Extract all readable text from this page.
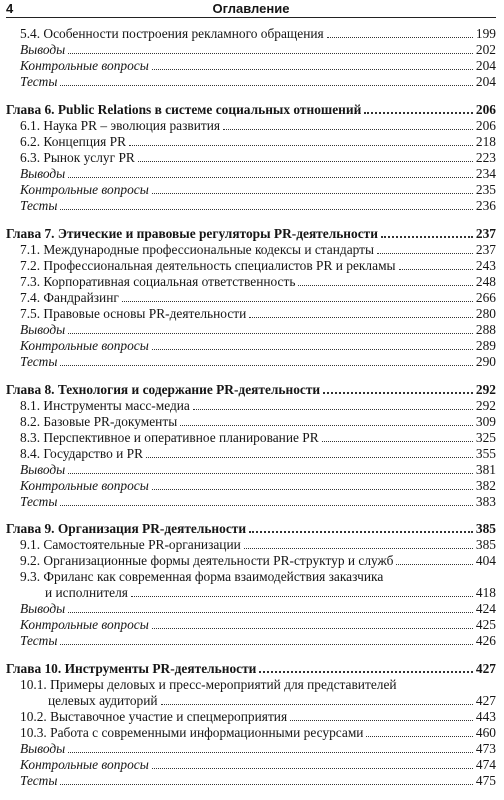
4	Оглавление
5.4. Особенности построения рекламного обращения	199
Выводы	202
Контрольные вопросы	204
Тесты	204
Глава 6. Public Relations в системе социальных отношений	206
6.1. Наука PR – эволюция развития	206
6.2. Концепция PR	218
6.3. Рынок услуг PR	223
Выводы	234
Контрольные вопросы	235
Тесты	236
Глава 7. Этические и правовые регуляторы PR-деятельности	237
7.1. Международные профессиональные кодексы и стандарты	237
7.2. Профессиональная деятельность специалистов PR и рекламы	243
7.3. Корпоративная социальная ответственность	248
7.4. Фандрайзинг	266
7.5. Правовые основы PR-деятельности	280
Выводы	288
Контрольные вопросы	289
Тесты	290
Глава 8. Технология и содержание PR-деятельности	292
8.1. Инструменты масс-медиа	292
8.2. Базовые PR-документы	309
8.3. Перспективное и оперативное планирование PR	325
8.4. Государство и PR	355
Выводы	381
Контрольные вопросы	382
Тесты	383
Глава 9. Организация PR-деятельности	385
9.1. Самостоятельные PR-организации	385
9.2. Организационные формы деятельности PR-структур и служб	404
9.3. Фриланс как современная форма взаимодействия заказчика
и исполнителя	418
Выводы	424
Контрольные вопросы	425
Тесты	426
Глава 10. Инструменты PR-деятельности	427
10.1. Примеры деловых и пресс-мероприятий для представителей
целевых аудиторий	427
10.2. Выставочное участие и спецмероприятия	443
10.3. Работа с современными информационными ресурсами	460
Выводы	473
Контрольные вопросы	474
Тесты	475
